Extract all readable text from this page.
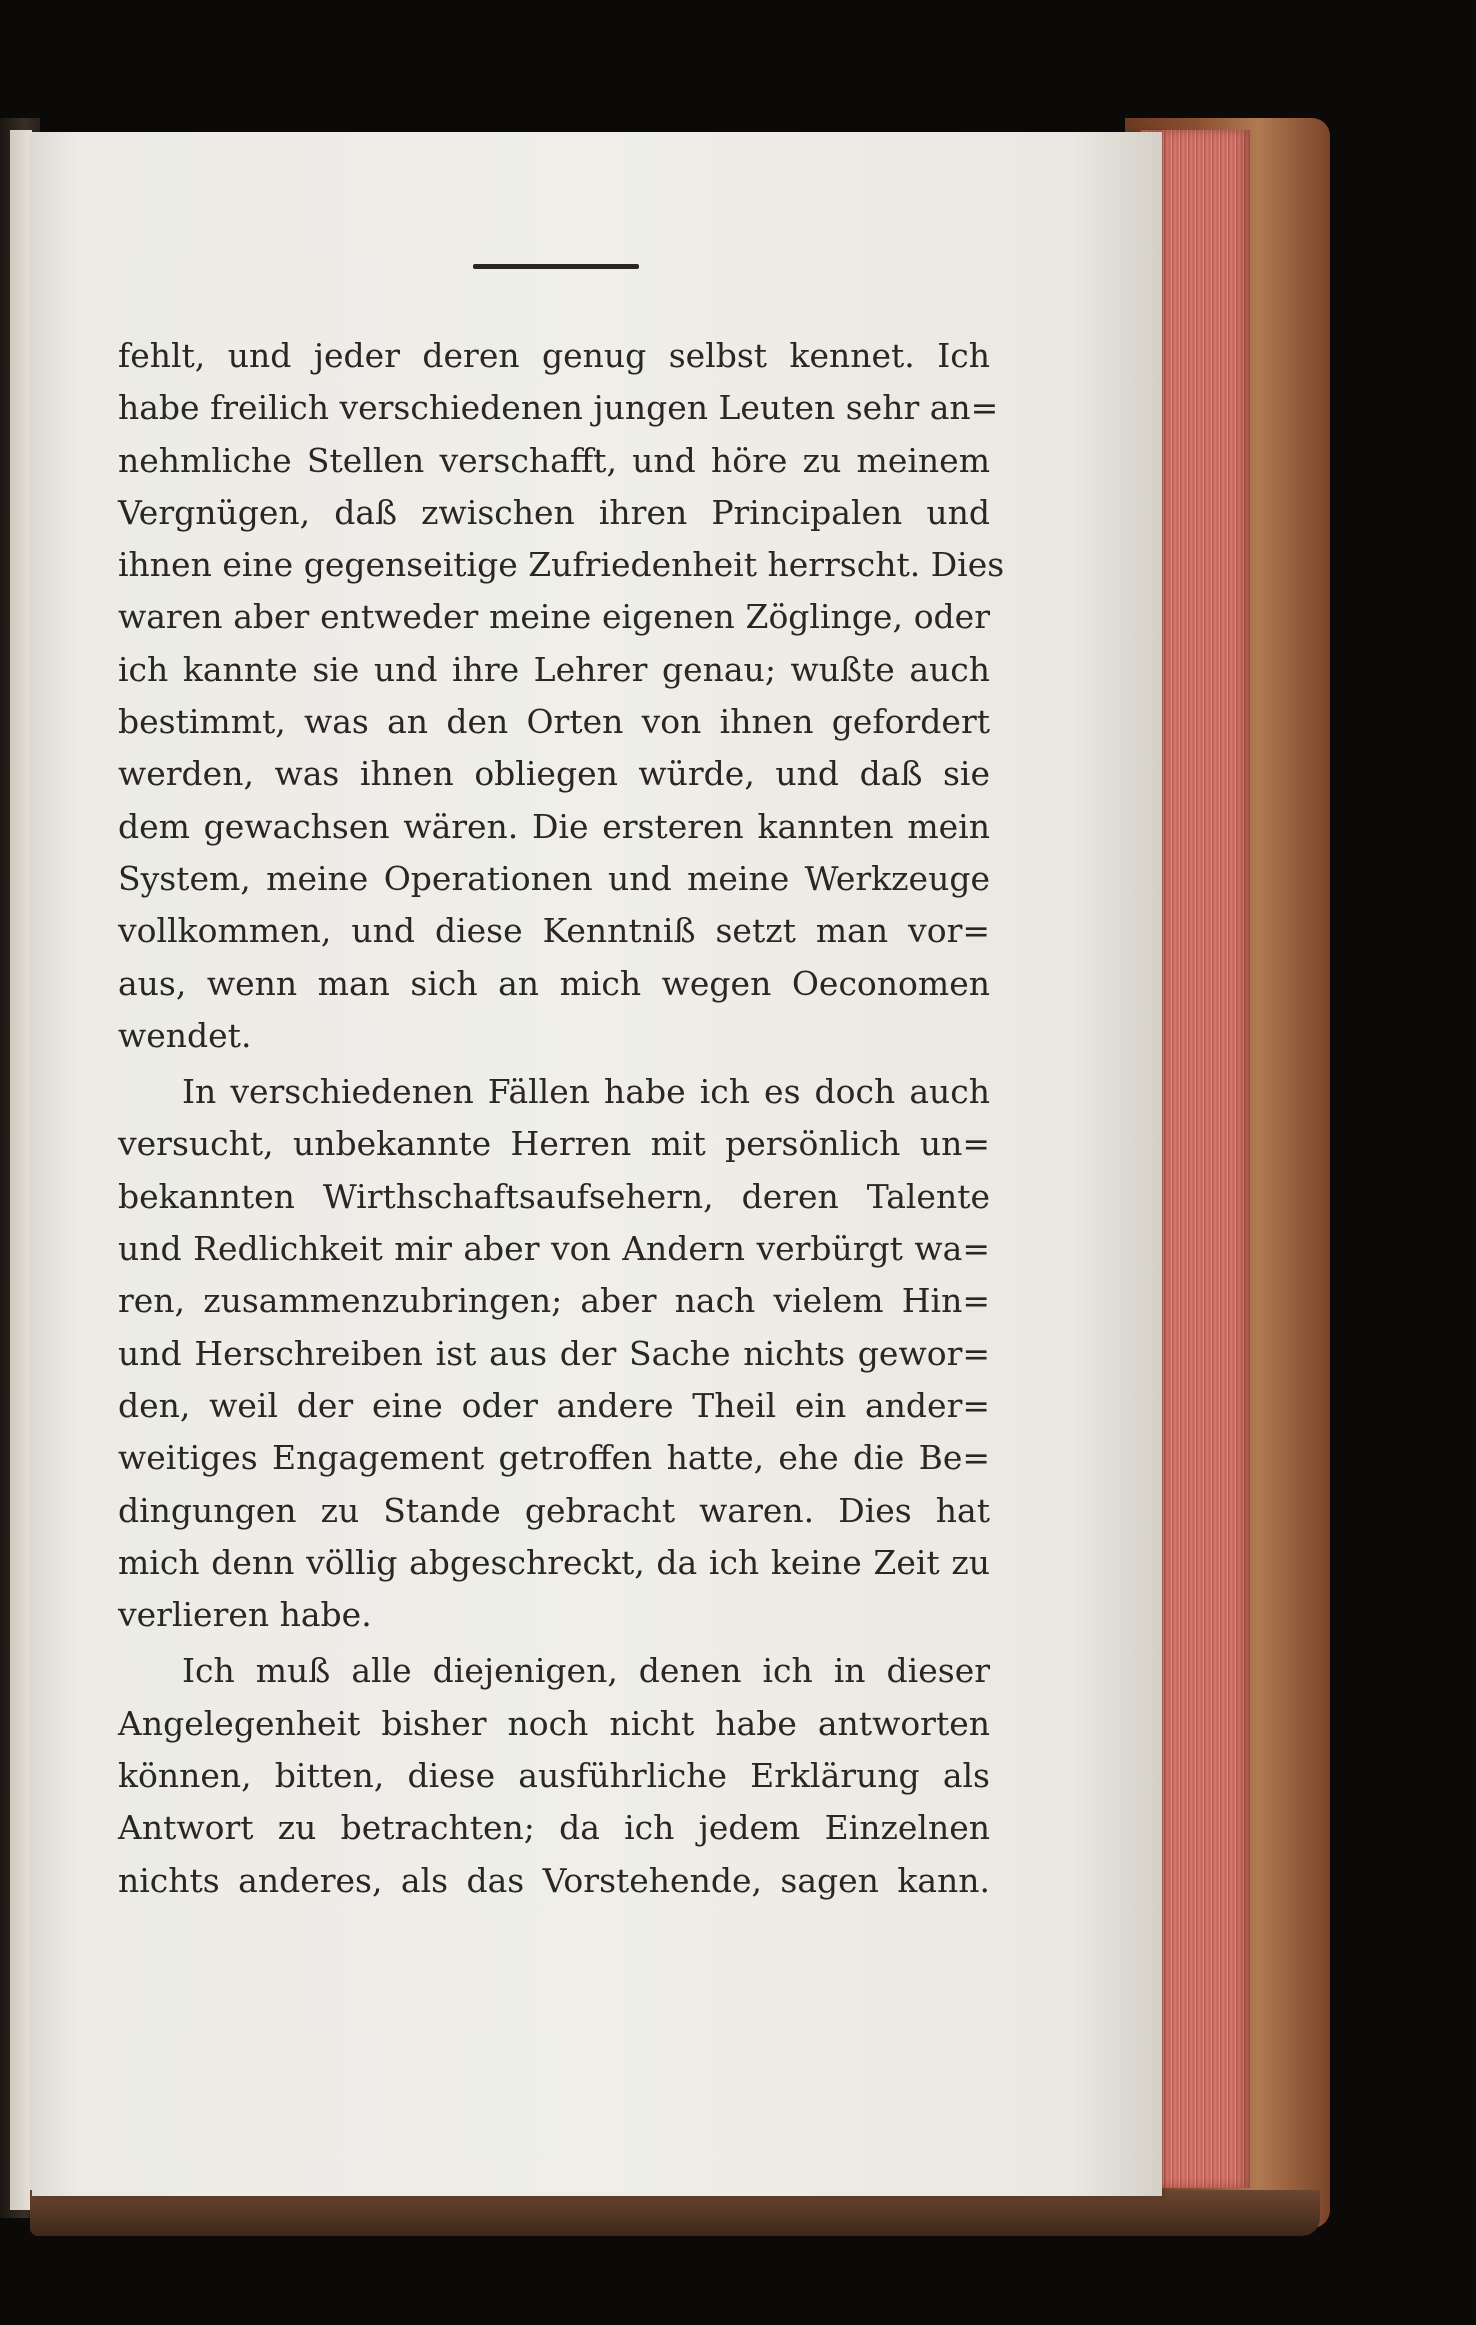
fehlt, und jeder deren genug selbst kennet. Ich
habe freilich verschiedenen jungen Leuten sehr an=
nehmliche Stellen verschafft, und höre zu meinem
Vergnügen, daß zwischen ihren Principalen und
ihnen eine gegenseitige Zufriedenheit herrscht. Dies
waren aber entweder meine eigenen Zöglinge, oder
ich kannte sie und ihre Lehrer genau; wußte auch
bestimmt, was an den Orten von ihnen gefordert
werden, was ihnen obliegen würde, und daß sie
dem gewachsen wären. Die ersteren kannten mein
System, meine Operationen und meine Werkzeuge
vollkommen, und diese Kenntniß setzt man vor=
aus, wenn man sich an mich wegen Oeconomen
wendet.
In verschiedenen Fällen habe ich es doch auch
versucht, unbekannte Herren mit persönlich un=
bekannten Wirthschaftsaufsehern, deren Talente
und Redlichkeit mir aber von Andern verbürgt wa=
ren, zusammenzubringen; aber nach vielem Hin=
und Herschreiben ist aus der Sache nichts gewor=
den, weil der eine oder andere Theil ein ander=
weitiges Engagement getroffen hatte, ehe die Be=
dingungen zu Stande gebracht waren. Dies hat
mich denn völlig abgeschreckt, da ich keine Zeit zu
verlieren habe.
Ich muß alle diejenigen, denen ich in dieser
Angelegenheit bisher noch nicht habe antworten
können, bitten, diese ausführliche Erklärung als
Antwort zu betrachten; da ich jedem Einzelnen
nichts anderes, als das Vorstehende, sagen kann.
